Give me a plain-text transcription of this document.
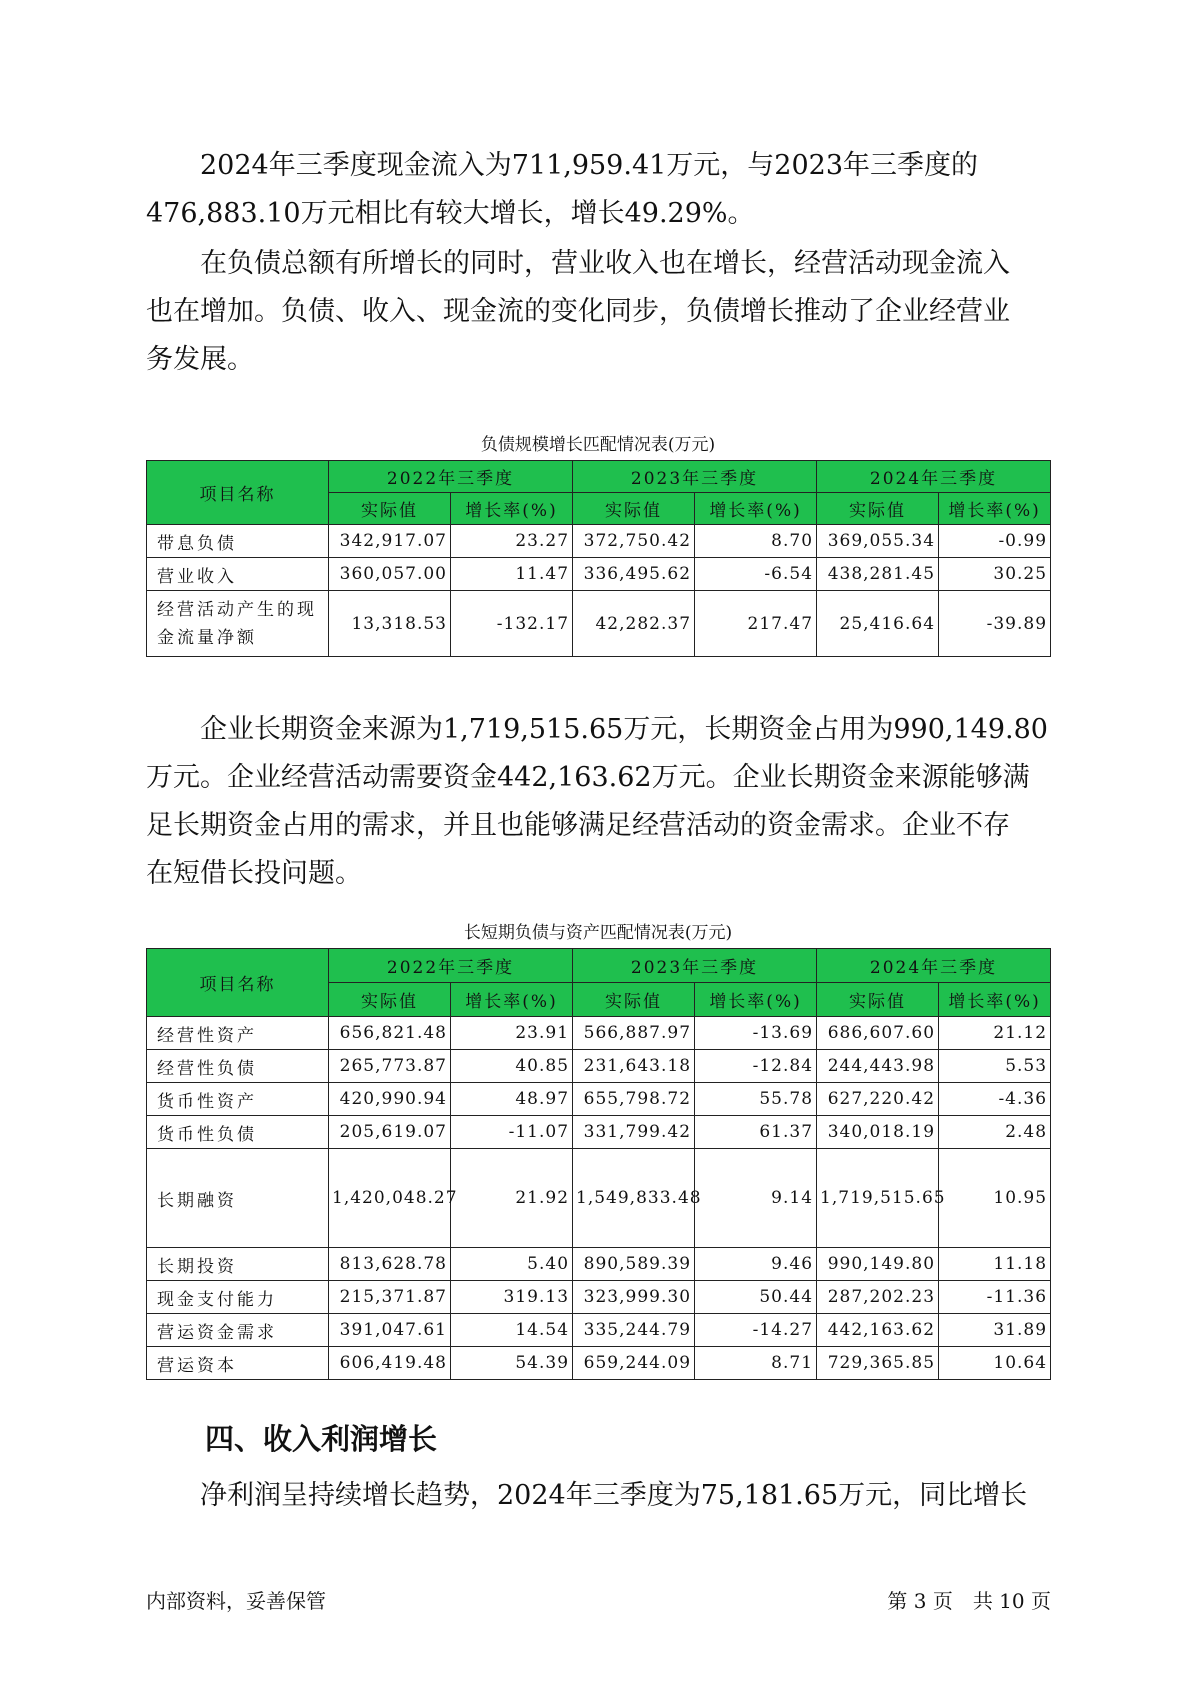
　　2024年三季度现金流入为711,959.41万元，与2023年三季度的
476,883.10万元相比有较大增长，增长49.29%。
　　在负债总额有所增长的同时，营业收入也在增长，经营活动现金流入
也在增加。负债、收入、现金流的变化同步，负债增长推动了企业经营业
务发展。
负债规模增长匹配情况表(万元)
项目名称	2022年三季度		2023年三季度		2024年三季度	
	实际值	增长率(%)	实际值	增长率(%)	实际值	增长率(%)
带息负债	342,917.07	23.27	372,750.42	8.70	369,055.34	-0.99
营业收入	360,057.00	11.47	336,495.62	-6.54	438,281.45	30.25
经营活动产生的现金流量净额	13,318.53	-132.17	42,282.37	217.47	25,416.64	-39.89
　　企业长期资金来源为1,719,515.65万元，长期资金占用为990,149.80
万元。企业经营活动需要资金442,163.62万元。企业长期资金来源能够满
足长期资金占用的需求，并且也能够满足经营活动的资金需求。企业不存
在短借长投问题。
长短期负债与资产匹配情况表(万元)
项目名称	2022年三季度		2023年三季度		2024年三季度	
	实际值	增长率(%)	实际值	增长率(%)	实际值	增长率(%)
经营性资产	656,821.48	23.91	566,887.97	-13.69	686,607.60	21.12
经营性负债	265,773.87	40.85	231,643.18	-12.84	244,443.98	5.53
货币性资产	420,990.94	48.97	655,798.72	55.78	627,220.42	-4.36
货币性负债	205,619.07	-11.07	331,799.42	61.37	340,018.19	2.48
长期融资	1,420,048.27	21.92	1,549,833.48	9.14	1,719,515.65	10.95
长期投资	813,628.78	5.40	890,589.39	9.46	990,149.80	11.18
现金支付能力	215,371.87	319.13	323,999.30	50.44	287,202.23	-11.36
营运资金需求	391,047.61	14.54	335,244.79	-14.27	442,163.62	31.89
营运资本	606,419.48	54.39	659,244.09	8.71	729,365.85	10.64
四、收入利润增长
　　净利润呈持续增长趋势，2024年三季度为75,181.65万元，同比增长
内部资料，妥善保管	第 3 页　共 10 页
